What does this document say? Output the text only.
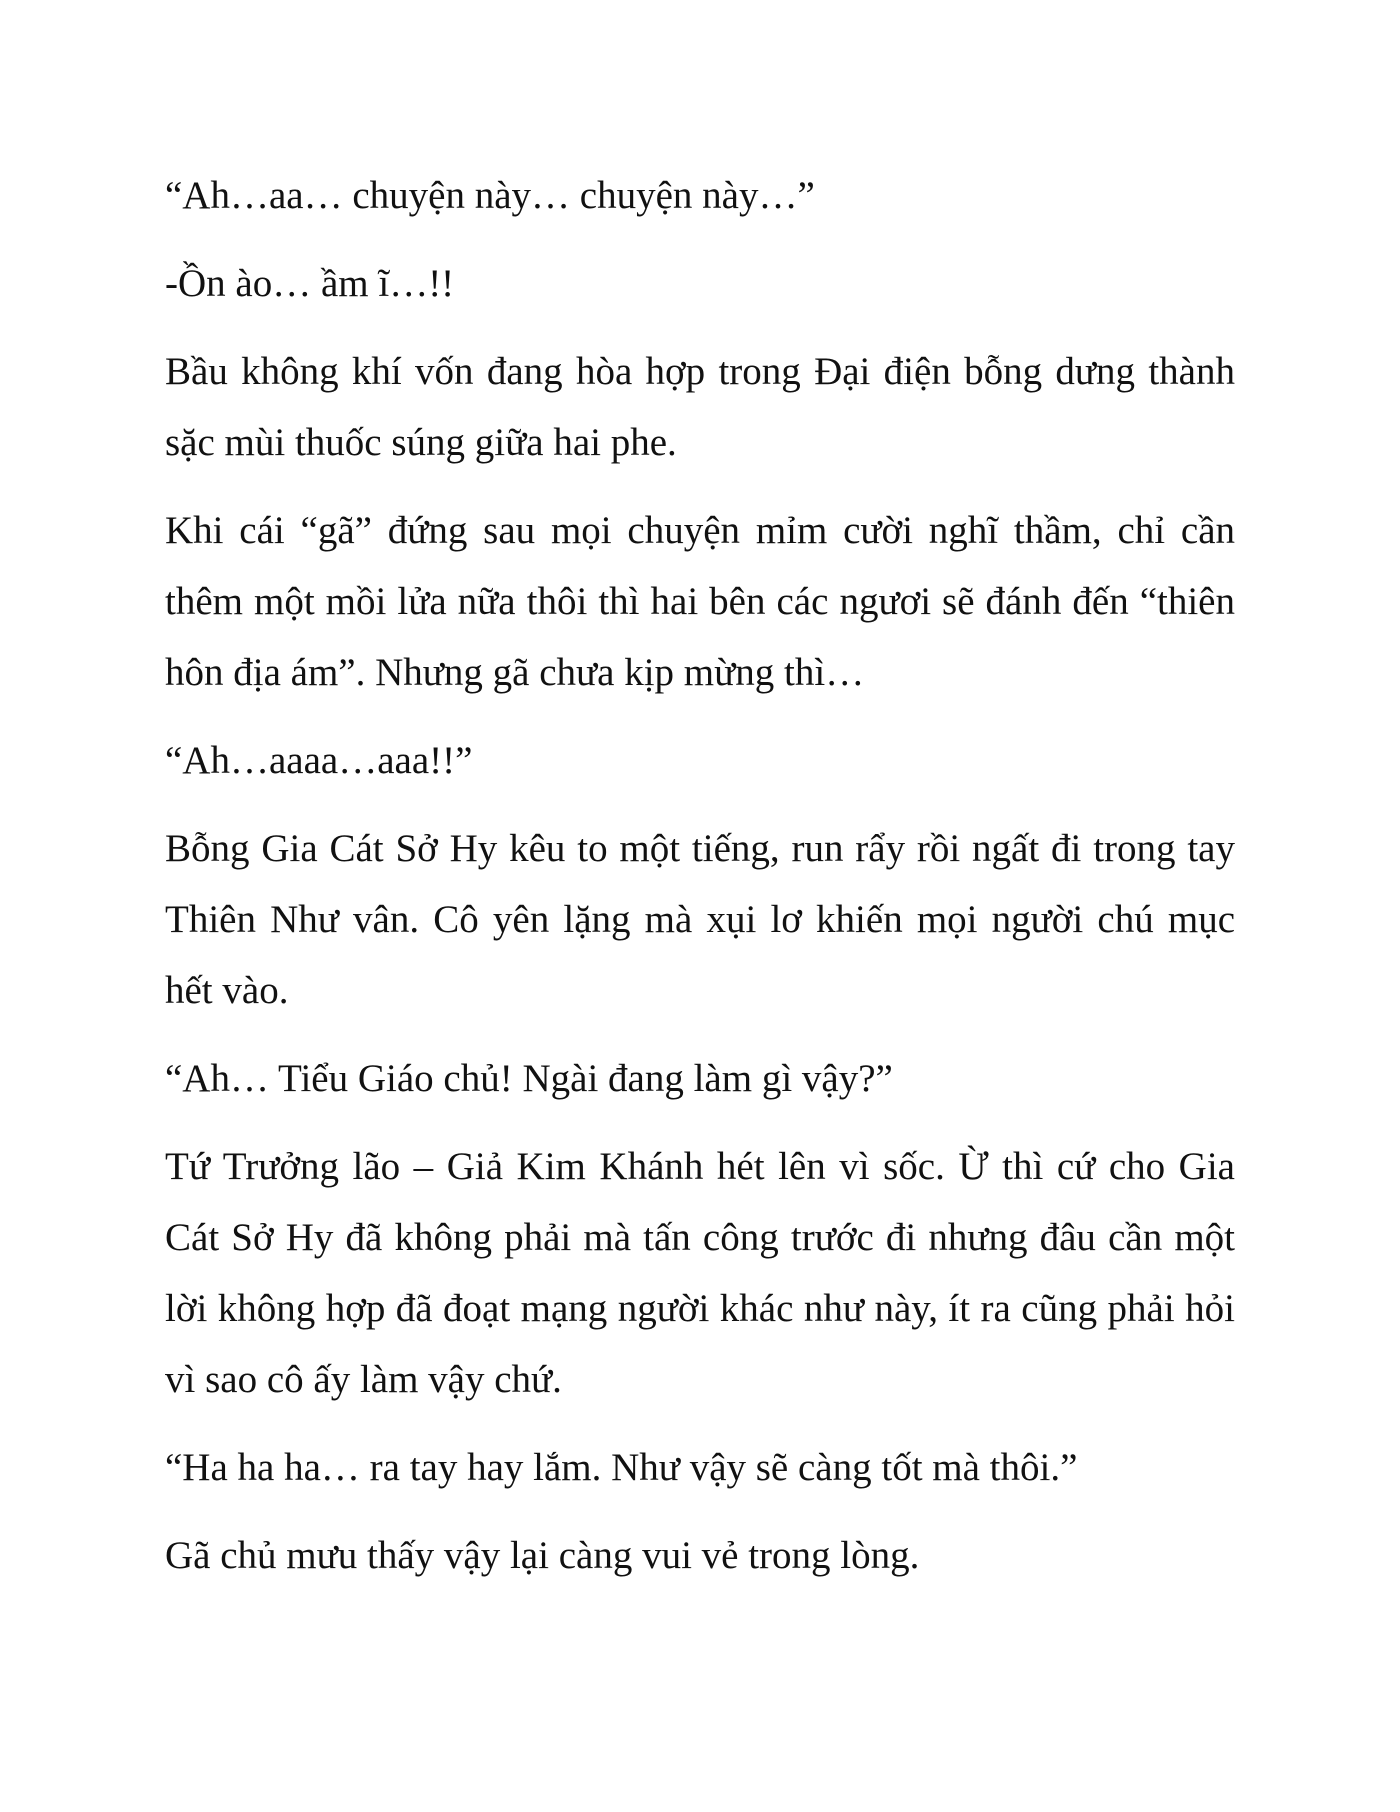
“Ah…aa… chuyện này… chuyện này…”

-Ồn ào… ầm ĩ…!!

Bầu không khí vốn đang hòa hợp trong Đại điện bỗng dưng thành sặc mùi thuốc súng giữa hai phe.

Khi cái “gã” đứng sau mọi chuyện mỉm cười nghĩ thầm, chỉ cần thêm một mồi lửa nữa thôi thì hai bên các ngươi sẽ đánh đến “thiên hôn địa ám”. Nhưng gã chưa kịp mừng thì…

“Ah…aaaa…aaa!!”

Bỗng Gia Cát Sở Hy kêu to một tiếng, run rẩy rồi ngất đi trong tay Thiên Như vân. Cô yên lặng mà xụi lơ khiến mọi người chú mục hết vào.

“Ah… Tiểu Giáo chủ! Ngài đang làm gì vậy?”

Tứ Trưởng lão – Giả Kim Khánh hét lên vì sốc. Ừ thì cứ cho Gia Cát Sở Hy đã không phải mà tấn công trước đi nhưng đâu cần một lời không hợp đã đoạt mạng người khác như này, ít ra cũng phải hỏi vì sao cô ấy làm vậy chứ.

“Ha ha ha… ra tay hay lắm. Như vậy sẽ càng tốt mà thôi.”

Gã chủ mưu thấy vậy lại càng vui vẻ trong lòng.
